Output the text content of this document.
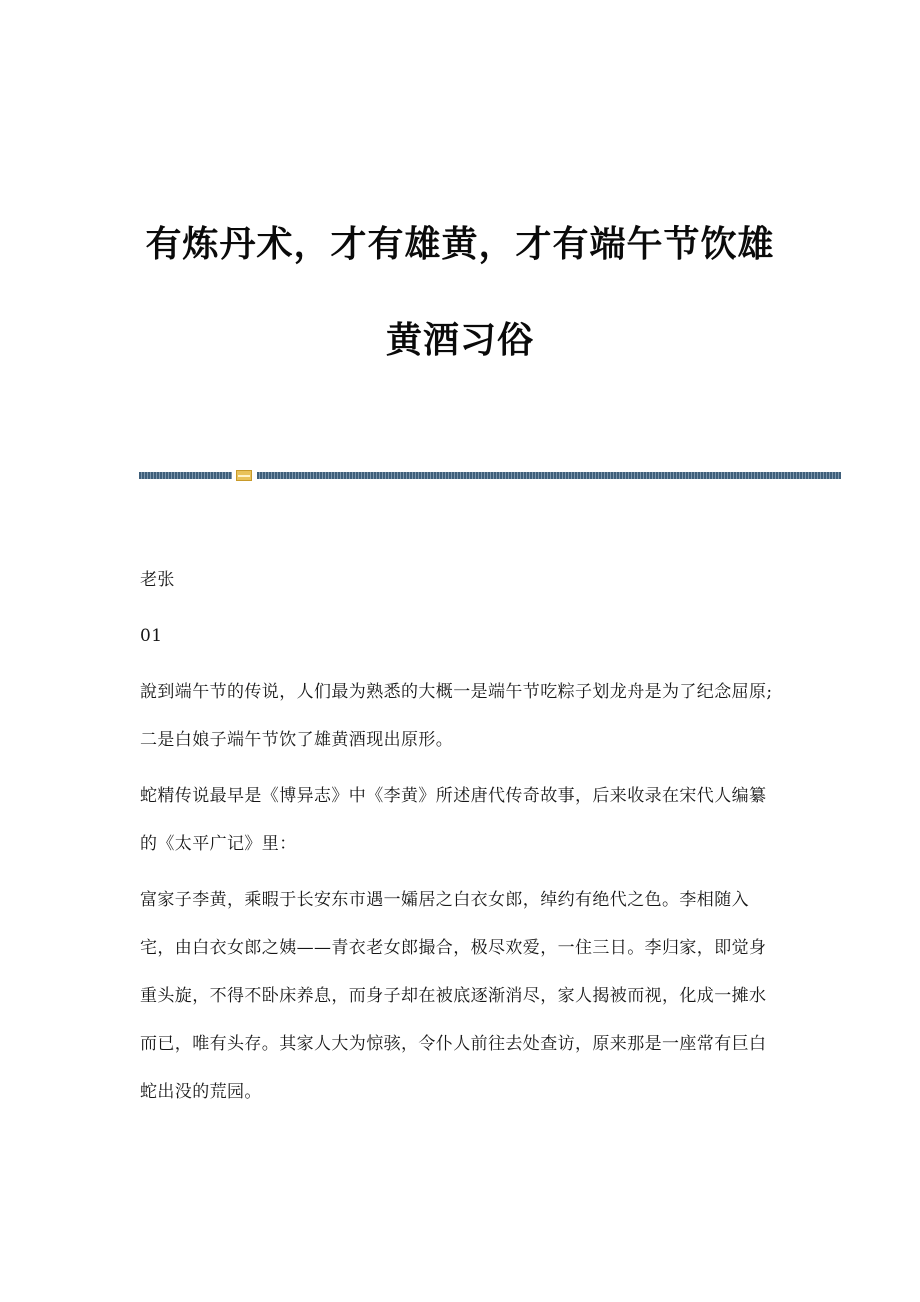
有炼丹术，才有雄黄，才有端午节饮雄
黄酒习俗

老张

01

說到端午节的传说，人们最为熟悉的大概一是端午节吃粽子划龙舟是为了纪念屈原;二是白娘子端午节饮了雄黄酒现出原形。

蛇精传说最早是《博异志》中《李黄》所述唐代传奇故事，后来收录在宋代人编纂的《太平广记》里：

富家子李黄，乘暇于长安东市遇一孀居之白衣女郎，绰约有绝代之色。李相随入宅，由白衣女郎之姨——青衣老女郎撮合，极尽欢爱，一住三日。李归家，即觉身重头旋，不得不卧床养息，而身子却在被底逐渐消尽，家人揭被而视，化成一摊水而已，唯有头存。其家人大为惊骇，令仆人前往去处查访，原来那是一座常有巨白蛇出没的荒园。
